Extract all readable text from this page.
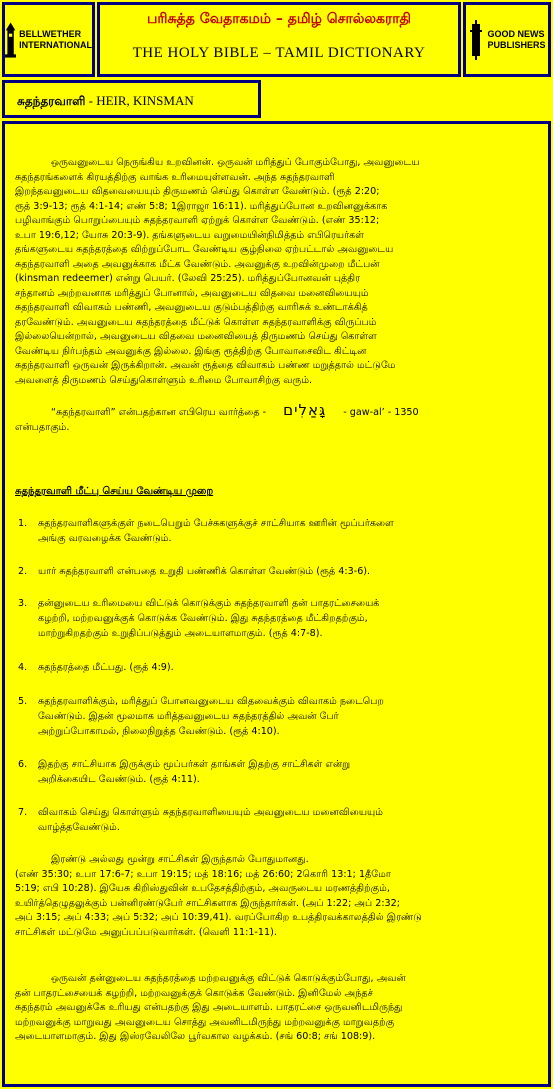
BELLWETHER
INTERNATIONAL
பரிசுத்த வேதாகமம் – தமிழ் சொல்லகராதி
THE HOLY BIBLE – TAMIL DICTIONARY
GOOD NEWS
PUBLISHERS
சுதந்தரவாளி - HEIR, KINSMAN
ஒருவனுடைய நெருங்கிய உறவினன். ஒருவன் மரித்துப் போகும்போது, அவனுடைய
சுதந்தரங்களைக் கிரயத்திற்கு வாங்க உரிமையுள்ளவன். அந்த சுதந்தரவாளி
இறந்தவனுடைய விதவையையும் திருமணம் செய்து கொள்ள வேண்டும். (ரூத் 2:20;
ரூத் 3:9-13; ரூத் 4:1-14; எண் 5:8; 1இராஜா 16:11). மரித்துப்போன உறவினனுக்காக
பழிவாங்கும் பொறுப்பையும் சுதந்தரவாளி ஏற்றுக் கொள்ள வேண்டும். (எண் 35:12;
உபா 19:6,12; யோசு 20:3-9). தங்களுடைய வறுமையின்நிமித்தம் எபிரெயர்கள்
தங்களுடைய சுதந்தரத்தை விற்றுப்போட வேண்டிய சூழ்நிலை ஏற்பட்டால் அவனுடைய
சுதந்தரவாளி அதை அவனுக்காக மீட்க வேண்டும். அவனுக்கு உறவின்முறை மீட்பன்
(kinsman redeemer) என்று பெயர். (லேவி 25:25). மரித்துப்போனவன் புத்திர
சந்தானம் அற்றவனாக மரித்துப் போனால், அவனுடைய விதவை மனைவியையும்
சுதந்தரவாளி விவாகம் பண்ணி, அவனுடைய குடும்பத்திற்கு வாரிசுக் உண்டாக்கித்
தரவேண்டும். அவனுடைய சுதந்தரத்தை மீட்டுக் கொள்ள சுதந்தரவாளிக்கு விருப்பம்
இல்லையென்றால், அவனுடைய விதவை மனைவியைத் திருமணம் செய்து கொள்ள
வேண்டிய நிர்பந்தம் அவனுக்கு இல்லை. இங்கு ரூத்திற்கு போவாசைவிட கிட்டின
சுதந்தரவாளி ஒருவன் இருக்கிறான். அவன் ரூத்தை விவாகம் பண்ண மறுத்தால் மட்டுமே
அவளைத் திருமணம் செய்துகொள்ளும் உரிமை போவாசிற்கு வரும்.
“சுதந்தரவாளி” என்பதற்கான எபிரெய வார்த்தை - גָּאַלִים - gaw-al’ - 1350
என்பதாகும்.
சுதந்தரவாளி மீட்பு செய்ய வேண்டிய முறை
1. சுதந்தரவாளிகளுக்குள் நடைபெறும் பேச்சுகளுக்குச் சாட்சியாக ஊரின் மூப்பர்களை
அங்கு வரவழைக்க வேண்டும்.
2. யார் சுதந்தரவாளி என்பதை உறுதி பண்ணிக் கொள்ள வேண்டும் (ரூத் 4:3-6).
3. தன்னுடைய உரிமையை விட்டுக் கொடுக்கும் சுதந்தரவாளி தன் பாதரட்சையைக்
கழற்றி, மற்றவனுக்குக் கொடுக்க வேண்டும். இது சுதந்தரத்தை மீட்கிறதற்கும்,
மாற்றுகிறதற்கும் உறுதிப்படுத்தும் அடையாளமாகும். (ரூத் 4:7-8).
4. சுதந்தரத்தை மீட்பது. (ரூத் 4:9).
5. சுதந்தரவாளிக்கும், மரித்துப் போனவனுடைய விதவைக்கும் விவாகம் நடைபெற
வேண்டும். இதன் மூலமாக மரித்தவனுடைய சுதந்தரத்தில் அவன் பேர்
அற்றுப்போகாமல், நிலைநிறுத்த வேண்டும். (ரூத் 4:10).
6. இதற்கு சாட்சியாக இருக்கும் மூப்பர்கள் தாங்கள் இதற்கு சாட்சிகள் என்று
அறிக்கையிட வேண்டும். (ரூத் 4:11).
7. விவாகம் செய்து கொள்ளும் சுதந்தரவாளியையும் அவனுடைய மனைவியையும்
வாழ்த்தவேண்டும்.
இரண்டு அல்லது மூன்று சாட்சிகள் இருந்தால் போதுமானது.
(எண் 35:30; உபா 17:6-7; உபா 19:15; மத் 18:16; மத் 26:60; 2கொரி 13:1; 1தீமோ
5:19; எபி 10:28). இயேசு கிறிஸ்துவின் உபதேசத்திற்கும், அவருடைய மரணத்திற்கும்,
உயிர்த்தெழுதலுக்கும் பன்னிரண்டுபேர் சாட்சிகளாக இருந்தார்கள். (அப் 1:22; அப் 2:32;
அப் 3:15; அப் 4:33; அப் 5:32; அப் 10:39,41). வரப்போகிற உபத்திரவக்காலத்தில் இரண்டு
சாட்சிகள் மட்டுமே அனுப்பப்படுவார்கள். (வெளி 11:1-11).
ஒருவன் தன்னுடைய சுதந்தரத்தை மற்றவனுக்கு விட்டுக் கொடுக்கும்போது, அவன்
தன் பாதரட்சையைக் கழற்றி, மற்றவனுக்குக் கொடுக்க வேண்டும். இனிமேல் அந்தச்
சுதந்தரம் அவனுக்கே உரியது என்பதற்கு இது அடையாளம். பாதரட்சை ஒருவனிடமிருந்து
மற்றவனுக்கு மாறுவது அவனுடைய சொத்து அவனிடமிருந்து மற்றவனுக்கு மாறுவதற்கு
அடையாளமாகும். இது இஸ்ரவேலிலே பூர்வகால வழக்கம். (சங் 60:8; சங் 108:9).
